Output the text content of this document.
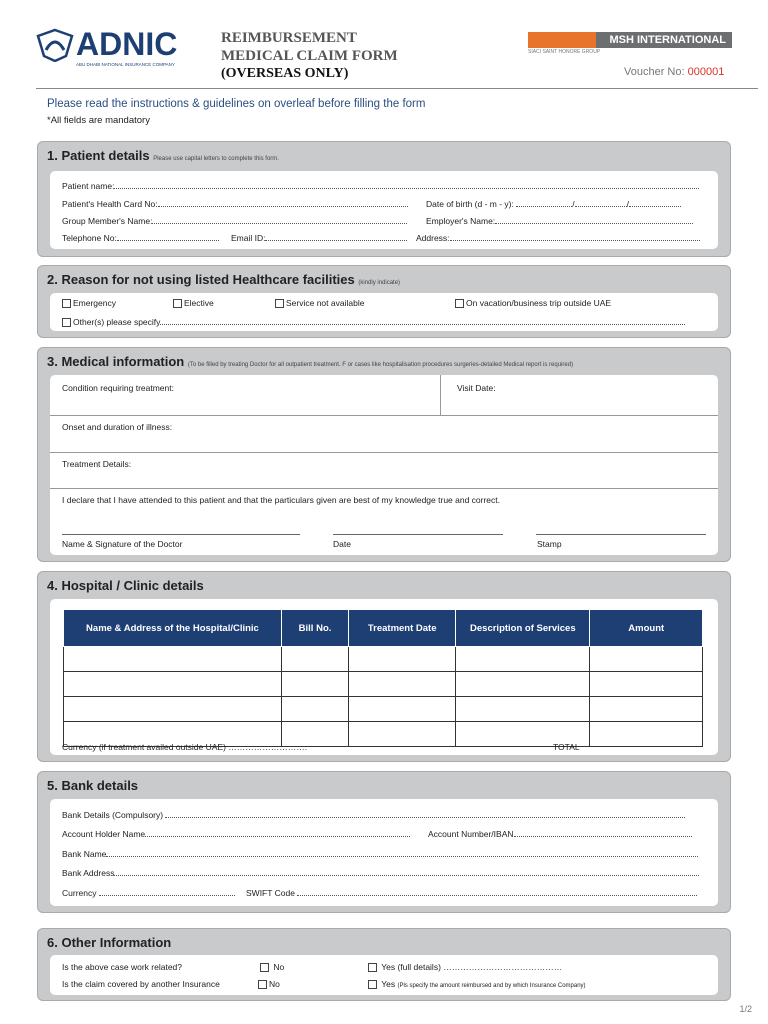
ADNIC
ABU DHABI NATIONAL INSURANCE COMPANY
REIMBURSEMENT
MEDICAL CLAIM FORM
(OVERSEAS ONLY)
MSH INTERNATIONAL
SIACI SAINT HONORE GROUP
Voucher No: 000001
Please read the instructions & guidelines on overleaf before filling the form
*All fields are mandatory
1. Patient details Please use capital letters to complete this form.
Patient name:
Patient's Health Card No:	Date of birth (d - m - y):	/	/
Group Member's Name:	Employer's Name:
Telephone No:	Email ID:	Address:
2. Reason for not using listed Healthcare facilities (kindly indicate)
Emergency	Elective	Service not available	On vacation/business trip outside UAE
Other(s) please specify
3. Medical information (To be filled by treating Doctor for all outpatient treatment. F or cases like hospitalisation procedures surgeries-detailed Medical report is required)
Condition requiring treatment:	Visit Date:
Onset and duration of illness:
Treatment Details:
I declare that I have attended to this patient and that the particulars given are best of my knowledge true and correct.
Name & Signature of the Doctor	Date	Stamp
4. Hospital / Clinic details
Name & Address of the Hospital/Clinic	Bill No.	Treatment Date	Description of Services	Amount

Currency (if treatment availed outside UAE) ……………………….	TOTAL
5. Bank details
Bank Details (Compulsory)
Account Holder Name	Account Number/IBAN
Bank Name
Bank Address
Currency	SWIFT Code
6. Other Information
Is the above case work related?	No	Yes (full details) ……………………………………
Is the claim covered by another Insurance	No	Yes (Pls specify the amount reimbursed and by which Insurance Company)
1/2
